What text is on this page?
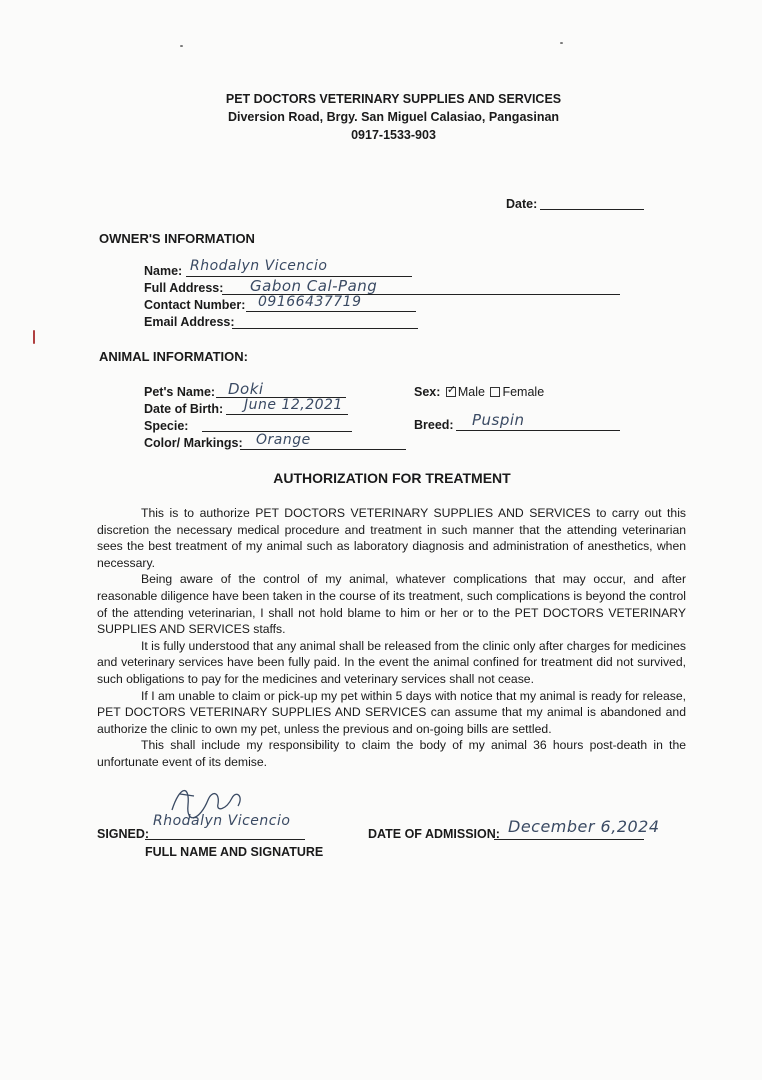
PET DOCTORS VETERINARY SUPPLIES AND SERVICES
Diversion Road, Brgy. San Miguel Calasiao, Pangasinan
0917-1533-903
Date:
OWNER'S INFORMATION
Name: Rhodalyn Vicencio
Full Address: Gabon Cal-Pang
Contact Number: 09166437719
Email Address:
ANIMAL INFORMATION:
Pet's Name: Doki
Date of Birth: June 12,2021
Specie:
Color/ Markings: Orange
Sex: ✓ Male Female
Breed: Puspin
AUTHORIZATION FOR TREATMENT

This is to authorize PET DOCTORS VETERINARY SUPPLIES AND SERVICES to carry out this discretion the necessary medical procedure and treatment in such manner that the attending veterinarian sees the best treatment of my animal such as laboratory diagnosis and administration of anesthetics, when necessary.

Being aware of the control of my animal, whatever complications that may occur, and after reasonable diligence have been taken in the course of its treatment, such complications is beyond the control of the attending veterinarian, I shall not hold blame to him or her or to the PET DOCTORS VETERINARY SUPPLIES AND SERVICES staffs.

It is fully understood that any animal shall be released from the clinic only after charges for medicines and veterinary services have been fully paid. In the event the animal confined for treatment did not survived, such obligations to pay for the medicines and veterinary services shall not cease.

If I am unable to claim or pick-up my pet within 5 days with notice that my animal is ready for release, PET DOCTORS VETERINARY SUPPLIES AND SERVICES can assume that my animal is abandoned and authorize the clinic to own my pet, unless the previous and on-going bills are settled.

This shall include my responsibility to claim the body of my animal 36 hours post-death in the unfortunate event of its demise.

SIGNED:
Rhodalyn Vicencio
FULL NAME AND SIGNATURE
DATE OF ADMISSION: December 6,2024
